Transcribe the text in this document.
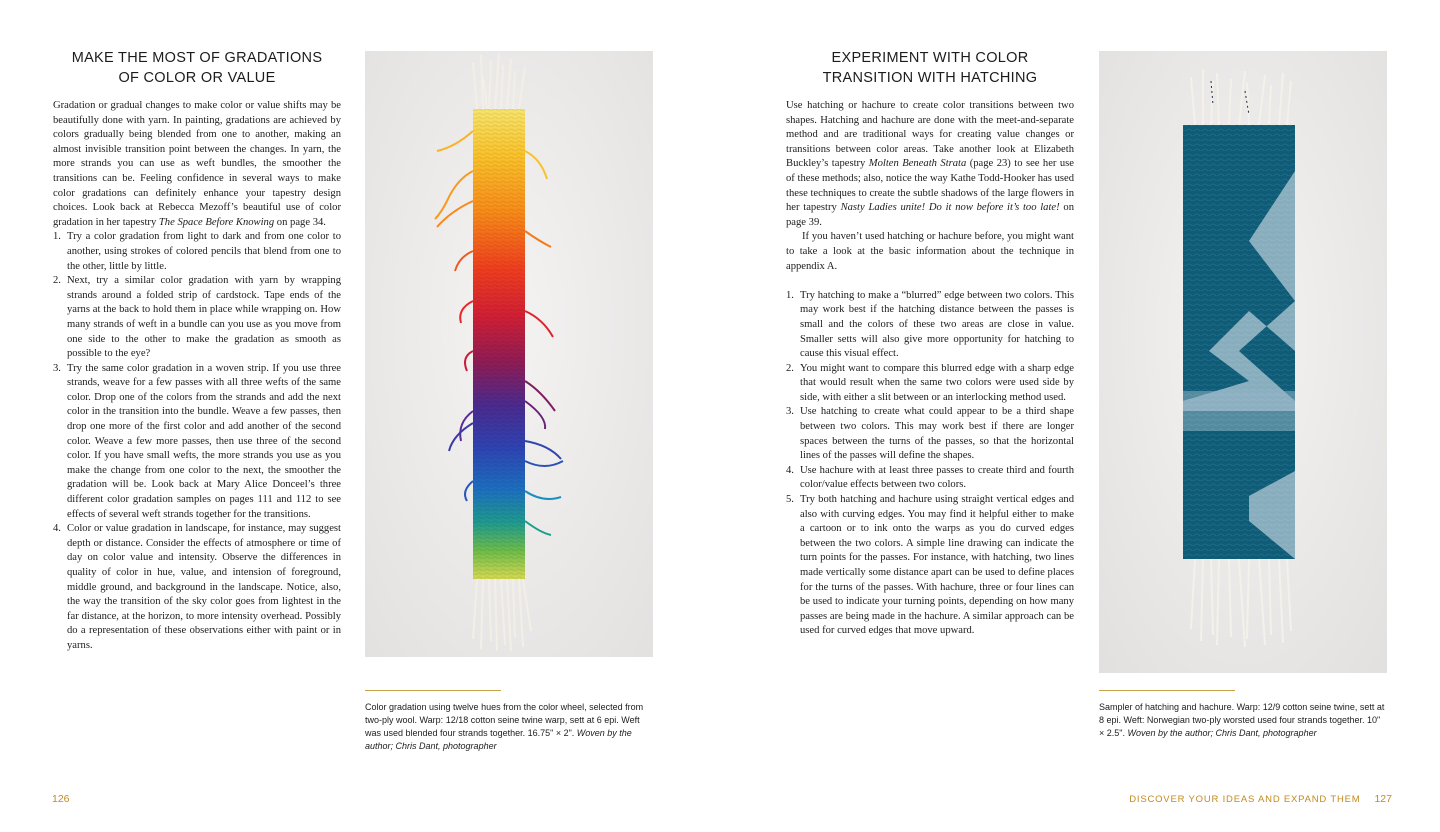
MAKE THE MOST OF GRADATIONS
OF COLOR OR VALUE

Gradation or gradual changes to make color or value shifts may be beautifully done with yarn. In painting, gradations are achieved by colors gradually being blended from one to another, making an almost invisible transition point between the changes. In yarn, the more strands you can use as weft bundles, the smoother the transitions can be. Feeling confidence in several ways to make color gradations can definitely enhance your tapestry design choices. Look back at Rebecca Mezoff’s beautiful use of color gradation in her tapestry The Space Before Knowing on page 34.

1. Try a color gradation from light to dark and from one color to another, using strokes of colored pencils that blend from one to the other, little by little.
2. Next, try a similar color gradation with yarn by wrapping strands around a folded strip of cardstock. Tape ends of the yarns at the back to hold them in place while wrapping on. How many strands of weft in a bundle can you use as you move from one side to the other to make the gradation as smooth as possible to the eye?
3. Try the same color gradation in a woven strip. If you use three strands, weave for a few passes with all three wefts of the same color. Drop one of the colors from the strands and add the next color in the transition into the bundle. Weave a few passes, then drop one more of the first color and add another of the second color. Weave a few more passes, then use three of the second color. If you have small wefts, the more strands you use as you make the change from one color to the next, the smoother the gradation will be. Look back at Mary Alice Donceel’s three different color gradation samples on pages 111 and 112 to see effects of several weft strands together for the transitions.
4. Color or value gradation in landscape, for instance, may suggest depth or distance. Consider the effects of atmosphere or time of day on color value and intensity. Observe the differences in quality of color in hue, value, and intension of foreground, middle ground, and background in the landscape. Notice, also, the way the transition of the sky color goes from lightest in the far distance, at the horizon, to more intensity overhead. Possibly do a representation of these observations either with paint or in yarns.

Color gradation using twelve hues from the color wheel, selected from two-ply wool. Warp: 12/18 cotton seine twine warp, sett at 6 epi. Weft was used blended four strands together. 16.75" × 2". Woven by the author; Chris Dant, photographer

126
EXPERIMENT WITH COLOR
TRANSITION WITH HATCHING

Use hatching or hachure to create color transitions between two shapes. Hatching and hachure are done with the meet-and-separate method and are traditional ways for creating value changes or transitions between color areas. Take another look at Elizabeth Buckley’s tapestry Molten Beneath Strata (page 23) to see her use of these methods; also, notice the way Kathe Todd-Hooker has used these techniques to create the subtle shadows of the large flowers in her tapestry Nasty Ladies unite! Do it now before it’s too late! on page 39.

If you haven’t used hatching or hachure before, you might want to take a look at the basic information about the technique in appendix A.

1. Try hatching to make a “blurred” edge between two colors. This may work best if the hatching distance between the passes is small and the colors of these two areas are close in value. Smaller setts will also give more opportunity for hatching to cause this visual effect.
2. You might want to compare this blurred edge with a sharp edge that would result when the same two colors were used side by side, with either a slit between or an interlocking method used.
3. Use hatching to create what could appear to be a third shape between two colors. This may work best if there are longer spaces between the turns of the passes, so that the horizontal lines of the passes will define the shapes.
4. Use hachure with at least three passes to create third and fourth color/value effects between two colors.
5. Try both hatching and hachure using straight vertical edges and also with curving edges. You may find it helpful either to make a cartoon or to ink onto the warps as you do curved edges between the two colors. A simple line drawing can indicate the turn points for the passes. For instance, with hatching, two lines made vertically some distance apart can be used to define places for the turns of the passes. With hachure, three or four lines can be used to indicate your turning points, depending on how many passes are being made in the hachure. A similar approach can be used for curved edges that move upward.

Sampler of hatching and hachure. Warp: 12/9 cotton seine twine, sett at 8 epi. Weft: Norwegian two-ply worsted used four strands together. 10" × 2.5". Woven by the author; Chris Dant, photographer

DISCOVER YOUR IDEAS AND EXPAND THEM 127
